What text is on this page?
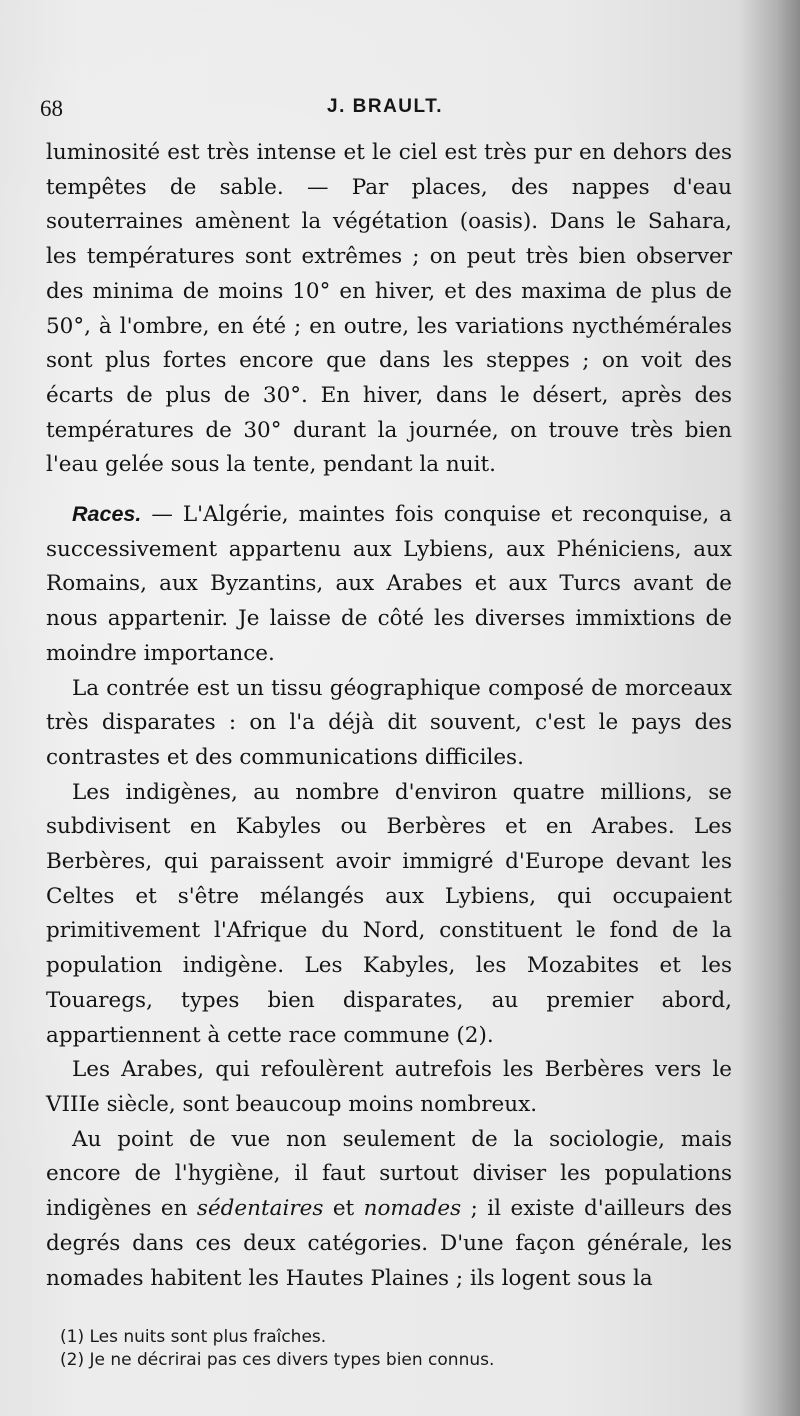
68	J. BRAULT.

luminosité est très intense et le ciel est très pur en dehors des tempêtes de sable. — Par places, des nappes d'eau souterraines amènent la végétation (oasis). Dans le Sahara, les températures sont extrêmes ; on peut très bien observer des minima de moins 10° en hiver, et des maxima de plus de 50°, à l'ombre, en été ; en outre, les variations nycthémérales sont plus fortes encore que dans les steppes ; on voit des écarts de plus de 30°. En hiver, dans le désert, après des températures de 30° durant la journée, on trouve très bien l'eau gelée sous la tente, pendant la nuit.

Races. — L'Algérie, maintes fois conquise et reconquise, a successivement appartenu aux Lybiens, aux Phéniciens, aux Romains, aux Byzantins, aux Arabes et aux Turcs avant de nous appartenir. Je laisse de côté les diverses immixtions de moindre importance.

La contrée est un tissu géographique composé de morceaux très disparates : on l'a déjà dit souvent, c'est le pays des contrastes et des communications difficiles.

Les indigènes, au nombre d'environ quatre millions, se subdivisent en Kabyles ou Berbères et en Arabes. Les Berbères, qui paraissent avoir immigré d'Europe devant les Celtes et s'être mélangés aux Lybiens, qui occupaient primitivement l'Afrique du Nord, constituent le fond de la population indigène. Les Kabyles, les Mozabites et les Touaregs, types bien disparates, au premier abord, appartiennent à cette race commune (2).

Les Arabes, qui refoulèrent autrefois les Berbères vers le VIIIe siècle, sont beaucoup moins nombreux.

Au point de vue non seulement de la sociologie, mais encore de l'hygiène, il faut surtout diviser les populations indigènes en sédentaires et nomades ; il existe d'ailleurs des degrés dans ces deux catégories. D'une façon générale, les nomades habitent les Hautes Plaines ; ils logent sous la

(1) Les nuits sont plus fraîches.
(2) Je ne décrirai pas ces divers types bien connus.
